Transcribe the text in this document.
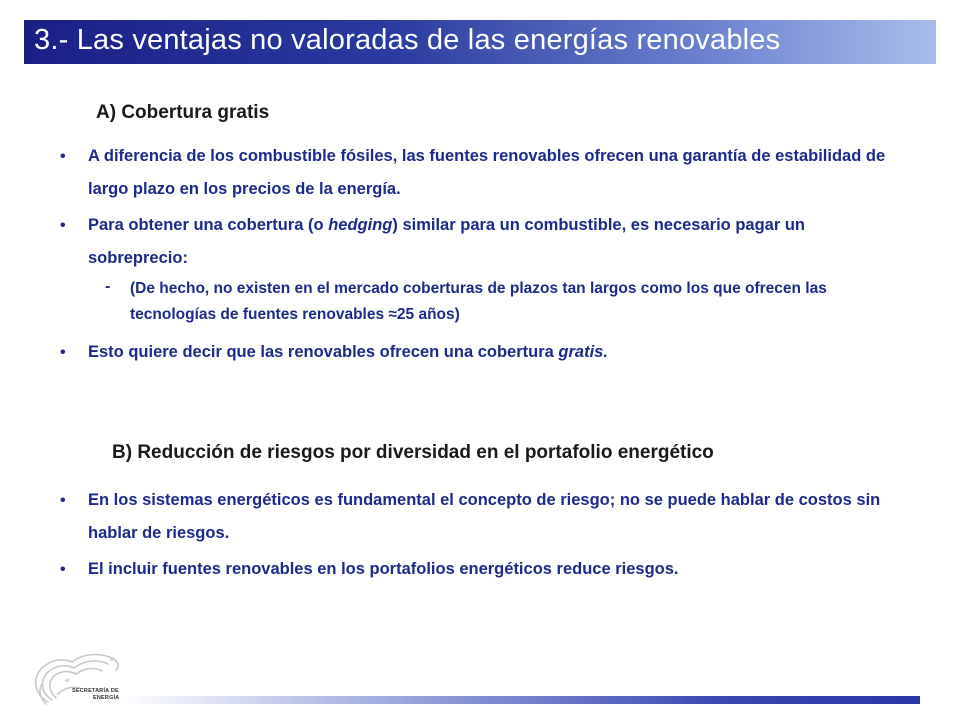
3.- Las ventajas no valoradas de las energías renovables
A) Cobertura gratis
• A diferencia de los combustible fósiles, las fuentes renovables ofrecen una garantía de estabilidad de largo plazo en los precios de la energía.
• Para obtener una cobertura (o hedging) similar para un combustible, es necesario pagar un sobreprecio:
- (De hecho, no existen en el mercado coberturas de plazos tan largos como los que ofrecen las tecnologías de fuentes renovables ≈25 años)
• Esto quiere decir que las renovables ofrecen una cobertura gratis.
B) Reducción de riesgos por diversidad en el portafolio energético
• En los sistemas energéticos es fundamental el concepto de riesgo; no se puede hablar de costos sin hablar de riesgos.
• El incluir fuentes renovables en los portafolios energéticos reduce riesgos.
SECRETARÍA DE
ENERGÍA
